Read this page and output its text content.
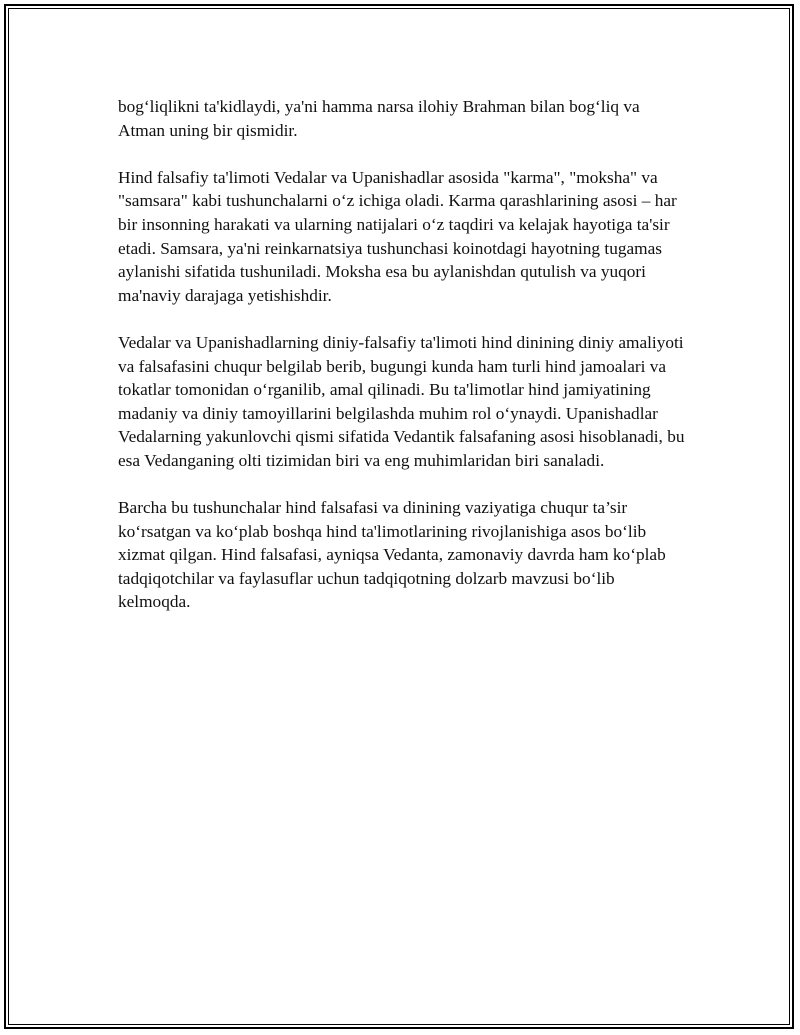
bog‘liqlikni ta'kidlaydi, ya'ni hamma narsa ilohiy Brahman bilan bog‘liq va Atman uning bir qismidir.

Hind falsafiy ta'limoti Vedalar va Upanishadlar asosida "karma", "moksha" va "samsara" kabi tushunchalarni o‘z ichiga oladi. Karma qarashlarining asosi – har bir insonning harakati va ularning natijalari o‘z taqdiri va kelajak hayotiga ta'sir etadi. Samsara, ya'ni reinkarnatsiya tushunchasi koinotdagi hayotning tugamas aylanishi sifatida tushuniladi. Moksha esa bu aylanishdan qutulish va yuqori ma'naviy darajaga yetishishdir.

Vedalar va Upanishadlarning diniy-falsafiy ta'limoti hind dinining diniy amaliyoti va falsafasini chuqur belgilab berib, bugungi kunda ham turli hind jamoalari va tokatlar tomonidan o‘rganilib, amal qilinadi. Bu ta'limotlar hind jamiyatining madaniy va diniy tamoyillarini belgilashda muhim rol o‘ynaydi. Upanishadlar Vedalarning yakunlovchi qismi sifatida Vedantik falsafaning asosi hisoblanadi, bu esa Vedanganing olti tizimidan biri va eng muhimlaridan biri sanaladi.

Barcha bu tushunchalar hind falsafasi va dinining vaziyatiga chuqur ta’sir ko‘rsatgan va ko‘plab boshqa hind ta'limotlarining rivojlanishiga asos bo‘lib xizmat qilgan. Hind falsafasi, ayniqsa Vedanta, zamonaviy davrda ham ko‘plab tadqiqotchilar va faylasuflar uchun tadqiqotning dolzarb mavzusi bo‘lib kelmoqda.
